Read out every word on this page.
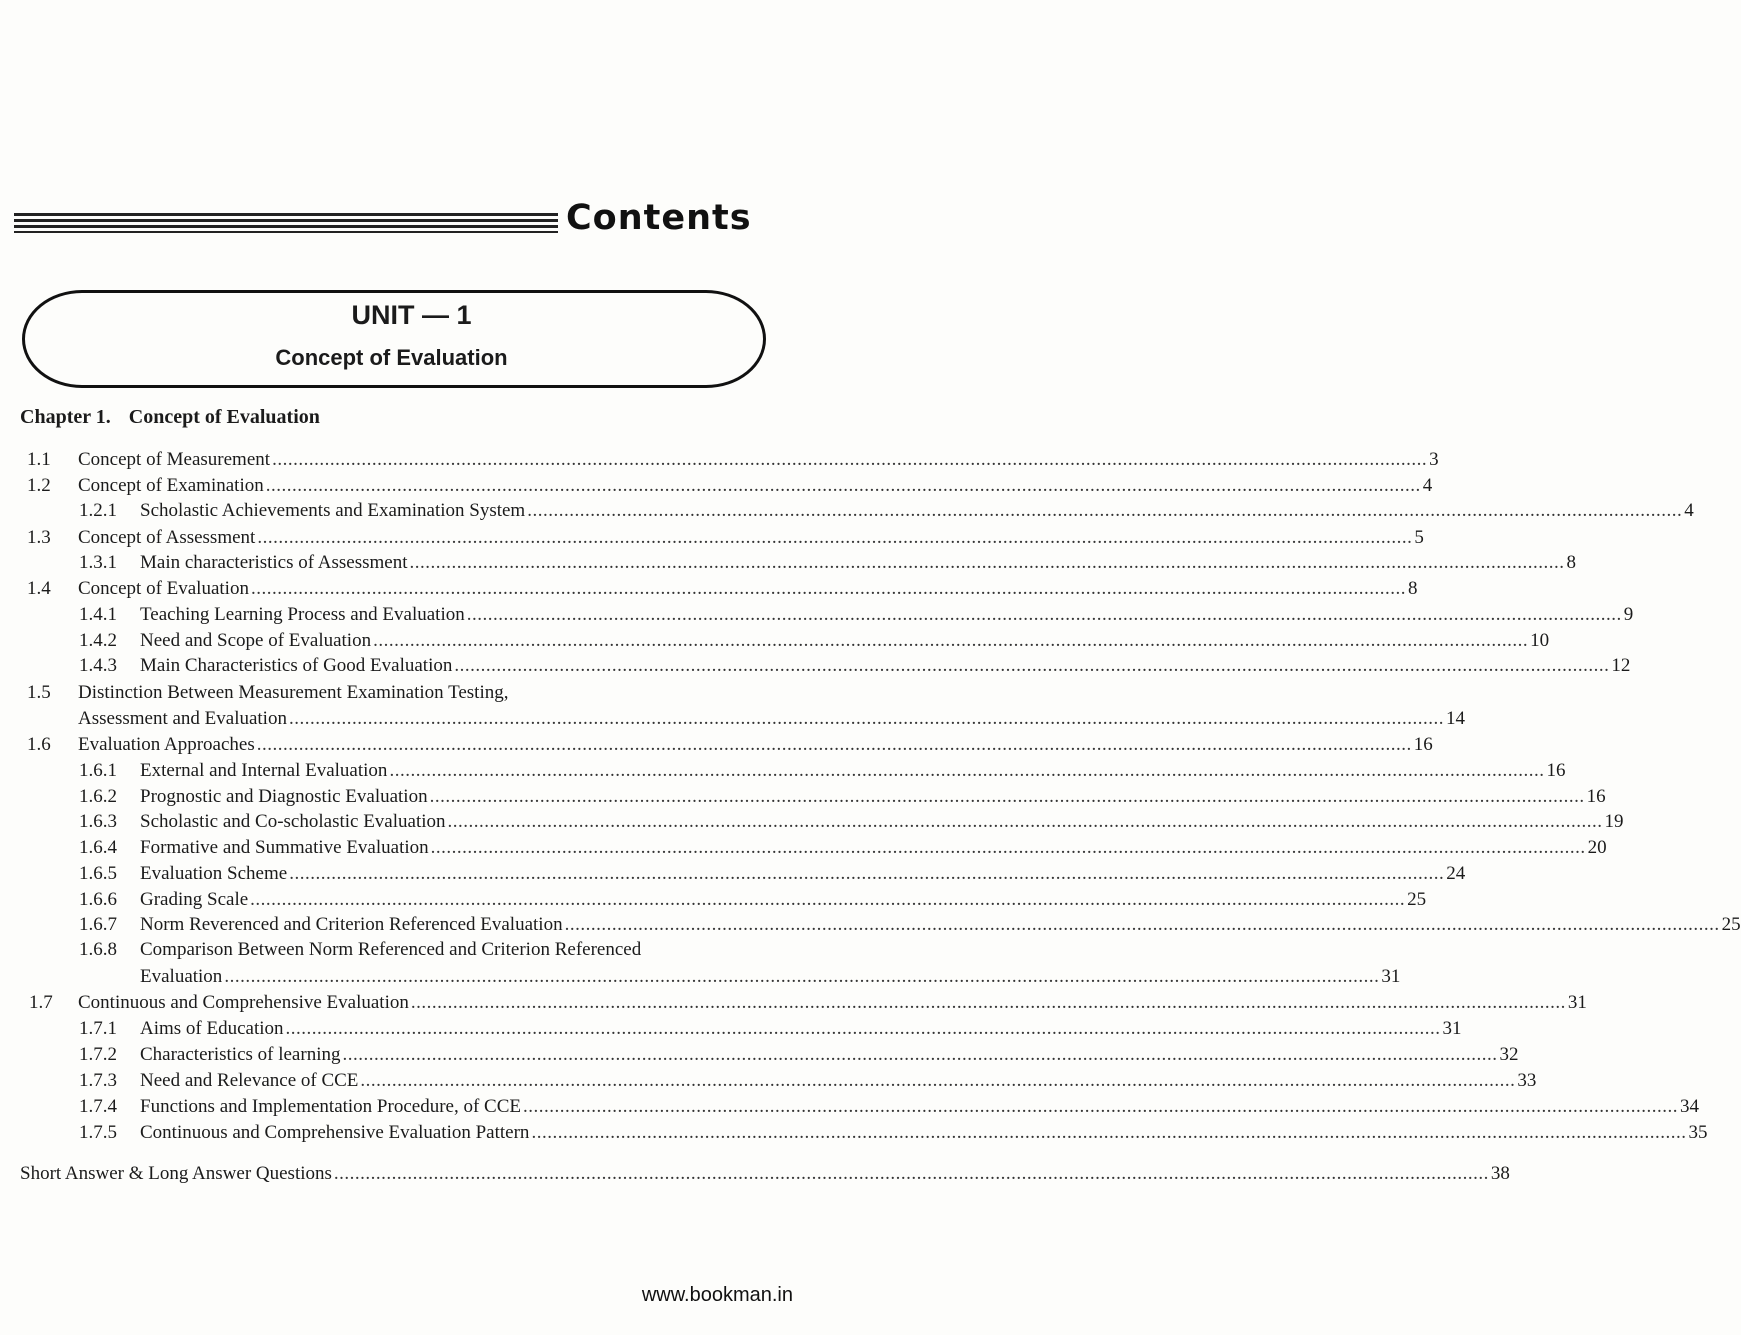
Contents
UNIT — 1
Concept of Evaluation
Chapter 1. Concept of Evaluation
1.1 Concept of Measurement ............................................................................................................................................................................................................................ 3
1.2 Concept of Examination ............................................................................................................................................................................................................................ 4
1.2.1 Scholastic Achievements and Examination System ............................................................................................................................................................................................................................ 4
1.3 Concept of Assessment ............................................................................................................................................................................................................................ 5
1.3.1 Main characteristics of Assessment ............................................................................................................................................................................................................................ 8
1.4 Concept of Evaluation ............................................................................................................................................................................................................................ 8
1.4.1 Teaching Learning Process and Evaluation ............................................................................................................................................................................................................................ 9
1.4.2 Need and Scope of Evaluation ............................................................................................................................................................................................................................ 10
1.4.3 Main Characteristics of Good Evaluation ............................................................................................................................................................................................................................ 12
1.5 Distinction Between Measurement Examination Testing,
Assessment and Evaluation ............................................................................................................................................................................................................................ 14
1.6 Evaluation Approaches ............................................................................................................................................................................................................................ 16
1.6.1 External and Internal Evaluation ............................................................................................................................................................................................................................ 16
1.6.2 Prognostic and Diagnostic Evaluation ............................................................................................................................................................................................................................ 16
1.6.3 Scholastic and Co-scholastic Evaluation ............................................................................................................................................................................................................................ 19
1.6.4 Formative and Summative Evaluation ............................................................................................................................................................................................................................ 20
1.6.5 Evaluation Scheme ............................................................................................................................................................................................................................ 24
1.6.6 Grading Scale ............................................................................................................................................................................................................................ 25
1.6.7 Norm Reverenced and Criterion Referenced Evaluation ............................................................................................................................................................................................................................ 25
1.6.8 Comparison Between Norm Referenced and Criterion Referenced
Evaluation ............................................................................................................................................................................................................................ 31
1.7 Continuous and Comprehensive Evaluation ............................................................................................................................................................................................................................ 31
1.7.1 Aims of Education ............................................................................................................................................................................................................................ 31
1.7.2 Characteristics of learning ............................................................................................................................................................................................................................ 32
1.7.3 Need and Relevance of CCE ............................................................................................................................................................................................................................ 33
1.7.4 Functions and Implementation Procedure, of CCE ............................................................................................................................................................................................................................ 34
1.7.5 Continuous and Comprehensive Evaluation Pattern ............................................................................................................................................................................................................................ 35
Short Answer & Long Answer Questions ............................................................................................................................................................................................................................ 38
www.bookman.in
